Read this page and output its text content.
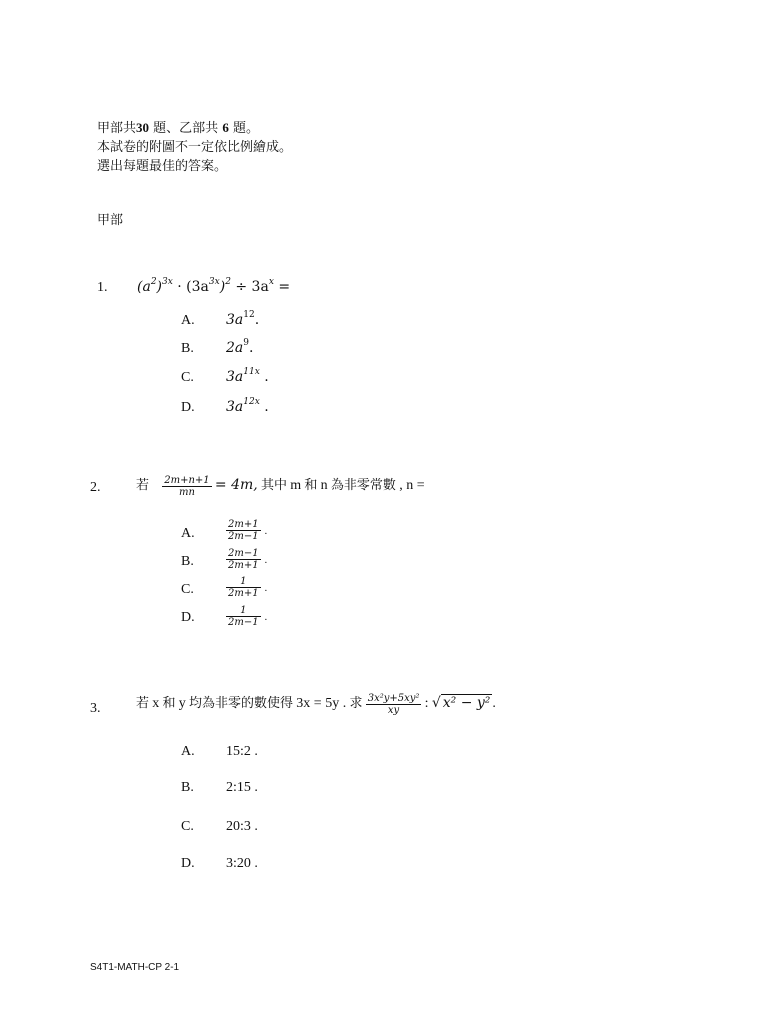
甲部共30 題、乙部共 6 題。
本試卷的附圖不一定依比例繪成。
選出每題最佳的答案。
甲部
1. $(a^2)^{3x} \cdot (3a^{3x})^2 \div 3a^x$ =
A. $3a^{12}$.
B. $2a^9$.
C. $3a^{11x}$ .
D. $3a^{12x}$ .
2.	若 $\frac{2m+n+1}{mn} = 4m$, 其中 m 和 n 為非零常數 , n =
A.	$\frac{2m+1}{2m-1}$ .
B.	$\frac{2m-1}{2m+1}$ .
C.	$\frac{1}{2m+1}$ .
D.	$\frac{1}{2m-1}$ .
3.	若 x 和 y 均為非零的數使得 3x = 5y . 求 $\frac{\text{3x²y+5xy²}}{xy}$ : √ x² − y² .
A. 15:2 .
B. 2:15 .
C. 20:3 .
D. 3:20 .
S4T1-MATH-CP 2-1
